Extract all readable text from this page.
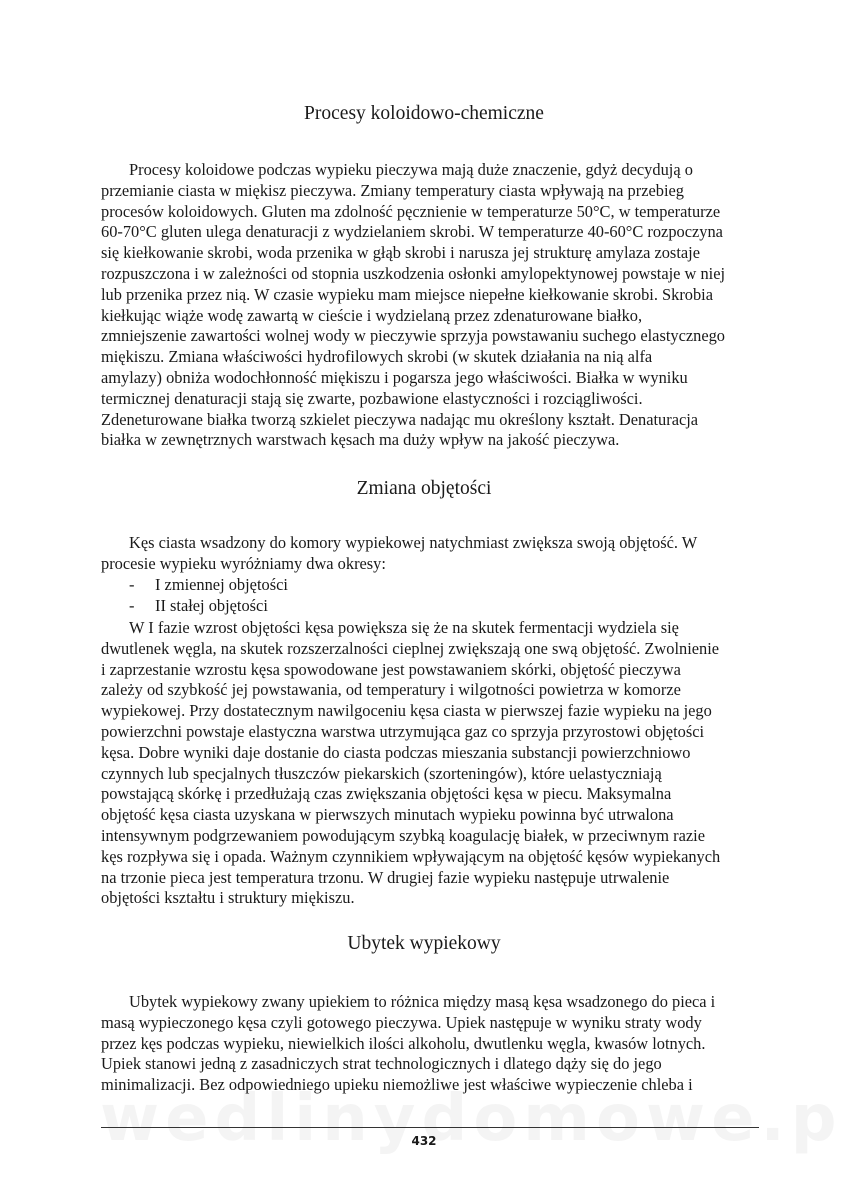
Procesy koloidowo-chemiczne
Procesy koloidowe podczas wypieku pieczywa mają duże znaczenie, gdyż decydują o
przemianie ciasta w miękisz pieczywa. Zmiany temperatury ciasta wpływają na przebieg
procesów koloidowych. Gluten ma zdolność pęcznienie w temperaturze 50°C, w temperaturze
60-70°C gluten ulega denaturacji z wydzielaniem skrobi. W temperaturze 40-60°C rozpoczyna
się kiełkowanie skrobi, woda przenika w głąb skrobi i narusza jej strukturę amylaza zostaje
rozpuszczona i w zależności od stopnia uszkodzenia osłonki amylopektynowej powstaje w niej
lub przenika przez nią. W czasie wypieku mam miejsce niepełne kiełkowanie skrobi. Skrobia
kiełkując wiąże wodę zawartą w cieście i wydzielaną przez zdenaturowane białko,
zmniejszenie zawartości wolnej wody w pieczywie sprzyja powstawaniu suchego elastycznego
miękiszu. Zmiana właściwości hydrofilowych skrobi (w skutek działania na nią alfa
amylazy) obniża wodochłonność miękiszu i pogarsza jego właściwości. Białka w wyniku
termicznej denaturacji stają się zwarte, pozbawione elastyczności i rozciągliwości.
Zdeneturowane białka tworzą szkielet pieczywa nadając mu określony kształt. Denaturacja
białka w zewnętrznych warstwach kęsach ma duży wpływ na jakość pieczywa.
Zmiana objętości
Kęs ciasta wsadzony do komory wypiekowej natychmiast zwiększa swoją objętość. W
procesie wypieku wyróżniamy dwa okresy:
- I zmiennej objętości
- II stałej objętości
W I fazie wzrost objętości kęsa powiększa się że na skutek fermentacji wydziela się
dwutlenek węgla, na skutek rozszerzalności cieplnej zwiększają one swą objętość. Zwolnienie
i zaprzestanie wzrostu kęsa spowodowane jest powstawaniem skórki, objętość pieczywa
zależy od szybkość jej powstawania, od temperatury i wilgotności powietrza w komorze
wypiekowej. Przy dostatecznym nawilgoceniu kęsa ciasta w pierwszej fazie wypieku na jego
powierzchni powstaje elastyczna warstwa utrzymująca gaz co sprzyja przyrostowi objętości
kęsa. Dobre wyniki daje dostanie do ciasta podczas mieszania substancji powierzchniowo
czynnych lub specjalnych tłuszczów piekarskich (szorteningów), które uelastyczniają
powstającą skórkę i przedłużają czas zwiększania objętości kęsa w piecu. Maksymalna
objętość kęsa ciasta uzyskana w pierwszych minutach wypieku powinna być utrwalona
intensywnym podgrzewaniem powodującym szybką koagulację białek, w przeciwnym razie
kęs rozpływa się i opada. Ważnym czynnikiem wpływającym na objętość kęsów wypiekanych
na trzonie pieca jest temperatura trzonu. W drugiej fazie wypieku następuje utrwalenie
objętości kształtu i struktury miękiszu.
Ubytek wypiekowy
Ubytek wypiekowy zwany upiekiem to różnica między masą kęsa wsadzonego do pieca i
masą wypieczonego kęsa czyli gotowego pieczywa. Upiek następuje w wyniku straty wody
przez kęs podczas wypieku, niewielkich ilości alkoholu, dwutlenku węgla, kwasów lotnych.
Upiek stanowi jedną z zasadniczych strat technologicznych i dlatego dąży się do jego
minimalizacji. Bez odpowiedniego upieku niemożliwe jest właściwe wypieczenie chleba i
432
